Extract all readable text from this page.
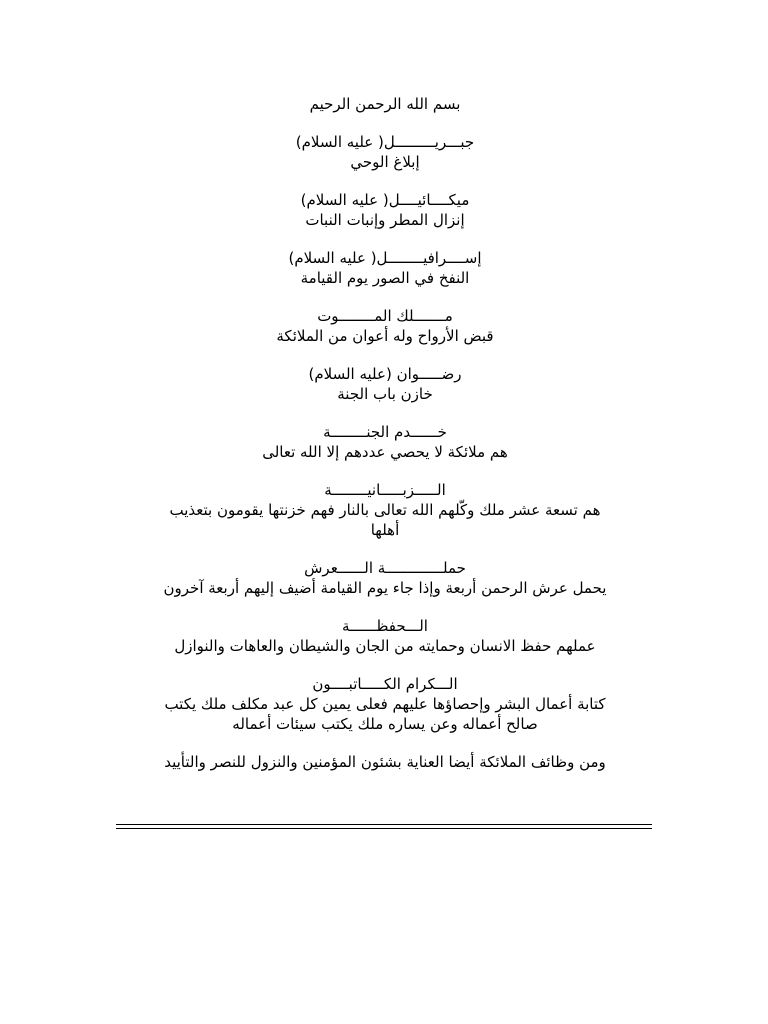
بسم الله الرحمن الرحيم
جبـــريـــــــــل( عليه السلام)
إبلاغ الوحي
ميكــــائيــــل( عليه السلام)
إنزال المطر وإنبات النبات
إســــرافيــــــــل( عليه السلام)
النفخ في الصور يوم القيامة
مـــــــلك المــــــــوت
قبض الأرواح وله أعوان من الملائكة
رضـــــوان (عليه السلام)
خازن باب الجنة
خــــــدم الجنــــــــة
هم ملائكة لا يحصي عددهم إلا الله تعالى
الـــــزبـــــانيــــــــة
هم تسعة عشر ملك وكّلهم الله تعالى بالنار فهم خزنتها يقومون بتعذيب
أهلها
حملـــــــــــــة الــــــعرش
يحمل عرش الرحمن أربعة وإذا جاء يوم القيامة أضيف إليهم أربعة آخرون
الـــحفظــــــة
عملهم حفظ الانسان وحمايته من الجان والشيطان والعاهات والنوازل
الـــكرام الكـــــاتبــــون
كتابة أعمال البشر وإحصاؤها عليهم فعلى يمين كل عبد مكلف ملك يكتب
صالح أعماله وعن يساره ملك يكتب سيئات أعماله
ومن وظائف الملائكة أيضا العناية بشئون المؤمنين والنزول للنصر والتأييد
